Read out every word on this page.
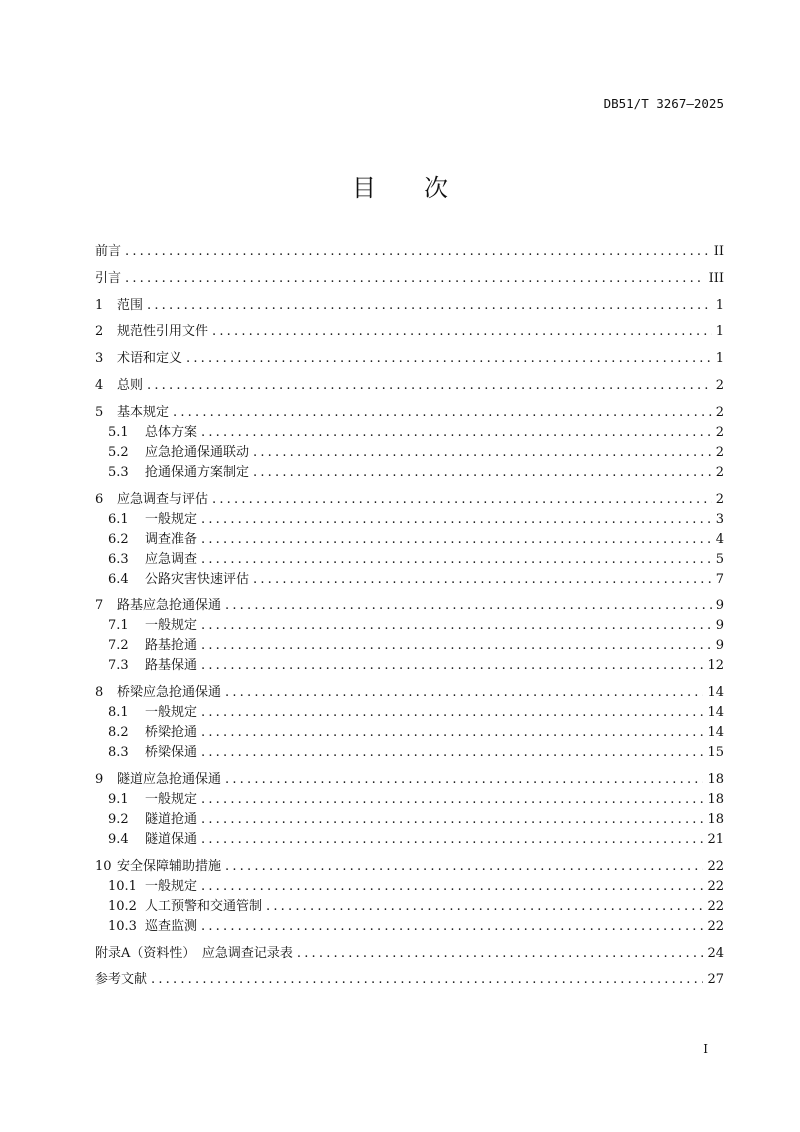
DB51/T 3267—2025
目　　次
前言 .....	II
引言 .....	III
1	范围 .....	1
2	规范性引用文件 .....	1
3	术语和定义 .....	1
4	总则 .....	2
5	基本规定 .....	2
5.1	总体方案 .....	2
5.2	应急抢通保通联动 .....	2
5.3	抢通保通方案制定 .....	2
6	应急调查与评估 .....	2
6.1	一般规定 .....	3
6.2	调查准备 .....	4
6.3	应急调查 .....	5
6.4	公路灾害快速评估 .....	7
7	路基应急抢通保通 .....	9
7.1	一般规定 .....	9
7.2	路基抢通 .....	9
7.3	路基保通 .....	12
8	桥梁应急抢通保通 .....	14
8.1	一般规定 .....	14
8.2	桥梁抢通 .....	14
8.3	桥梁保通 .....	15
9	隧道应急抢通保通 .....	18
9.1	一般规定 .....	18
9.2	隧道抢通 .....	18
9.4	隧道保通 .....	21
10 安全保障辅助措施 .....	22
10.1 一般规定 .....	22
10.2 人工预警和交通管制 .....	22
10.3 巡查监测 .....	22
附录A（资料性）　应急调查记录表 .....	24
参考文献 .....	27
I
